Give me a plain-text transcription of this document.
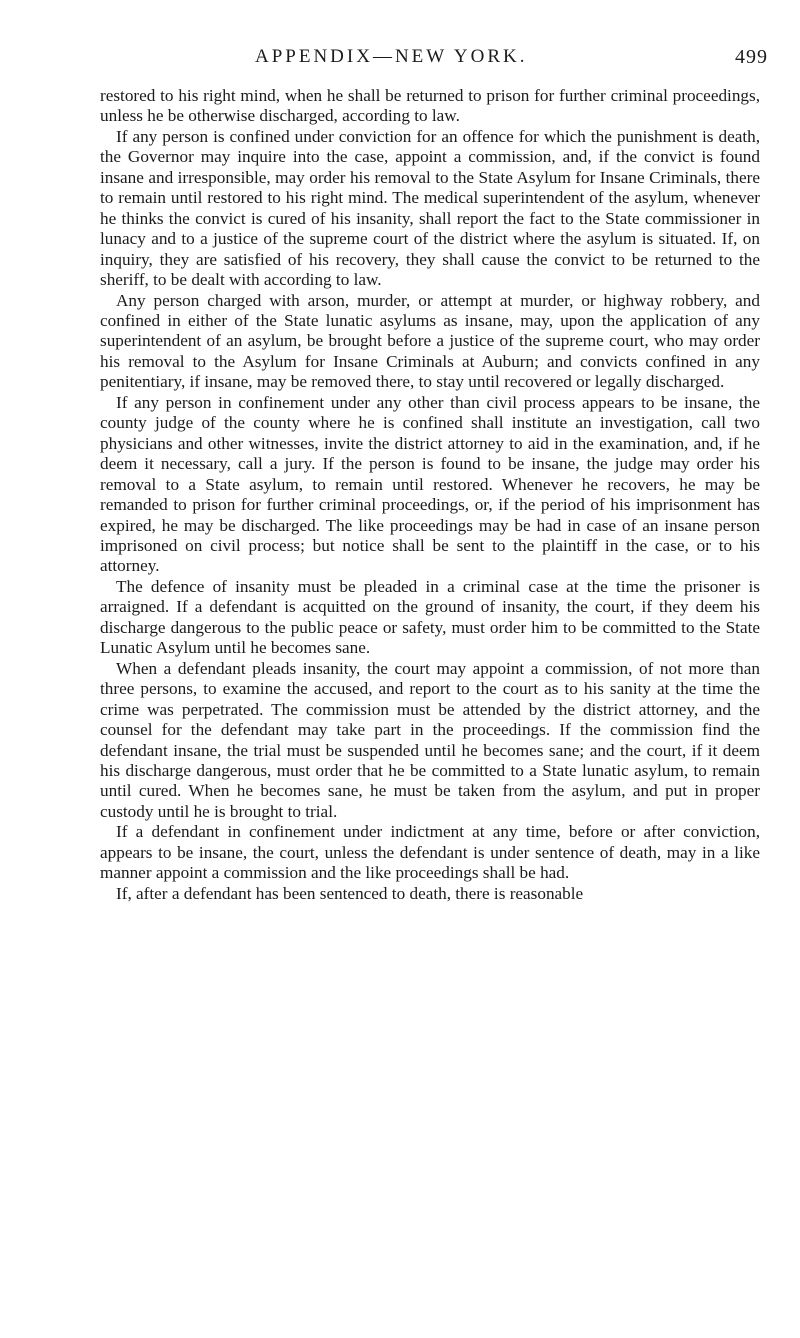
APPENDIX—NEW YORK.	499

restored to his right mind, when he shall be returned to prison for further criminal proceedings, unless he be otherwise discharged, according to law.

If any person is confined under conviction for an offence for which the punishment is death, the Governor may inquire into the case, appoint a commission, and, if the convict is found insane and irresponsible, may order his removal to the State Asylum for Insane Criminals, there to remain until restored to his right mind. The medical superintendent of the asylum, whenever he thinks the convict is cured of his insanity, shall report the fact to the State commissioner in lunacy and to a justice of the supreme court of the district where the asylum is situated. If, on inquiry, they are satisfied of his recovery, they shall cause the convict to be returned to the sheriff, to be dealt with according to law.

Any person charged with arson, murder, or attempt at murder, or highway robbery, and confined in either of the State lunatic asylums as insane, may, upon the application of any superintendent of an asylum, be brought before a justice of the supreme court, who may order his removal to the Asylum for Insane Criminals at Auburn; and convicts confined in any penitentiary, if insane, may be removed there, to stay until recovered or legally discharged.

If any person in confinement under any other than civil process appears to be insane, the county judge of the county where he is confined shall institute an investigation, call two physicians and other witnesses, invite the district attorney to aid in the examination, and, if he deem it necessary, call a jury. If the person is found to be insane, the judge may order his removal to a State asylum, to remain until restored. Whenever he recovers, he may be remanded to prison for further criminal proceedings, or, if the period of his imprisonment has expired, he may be discharged. The like proceedings may be had in case of an insane person imprisoned on civil process; but notice shall be sent to the plaintiff in the case, or to his attorney.

The defence of insanity must be pleaded in a criminal case at the time the prisoner is arraigned. If a defendant is acquitted on the ground of insanity, the court, if they deem his discharge dangerous to the public peace or safety, must order him to be committed to the State Lunatic Asylum until he becomes sane.

When a defendant pleads insanity, the court may appoint a commission, of not more than three persons, to examine the accused, and report to the court as to his sanity at the time the crime was perpetrated. The commission must be attended by the district attorney, and the counsel for the defendant may take part in the proceedings. If the commission find the defendant insane, the trial must be suspended until he becomes sane; and the court, if it deem his discharge dangerous, must order that he be committed to a State lunatic asylum, to remain until cured. When he becomes sane, he must be taken from the asylum, and put in proper custody until he is brought to trial.

If a defendant in confinement under indictment at any time, before or after conviction, appears to be insane, the court, unless the defendant is under sentence of death, may in a like manner appoint a commission and the like proceedings shall be had.

If, after a defendant has been sentenced to death, there is reasonable
